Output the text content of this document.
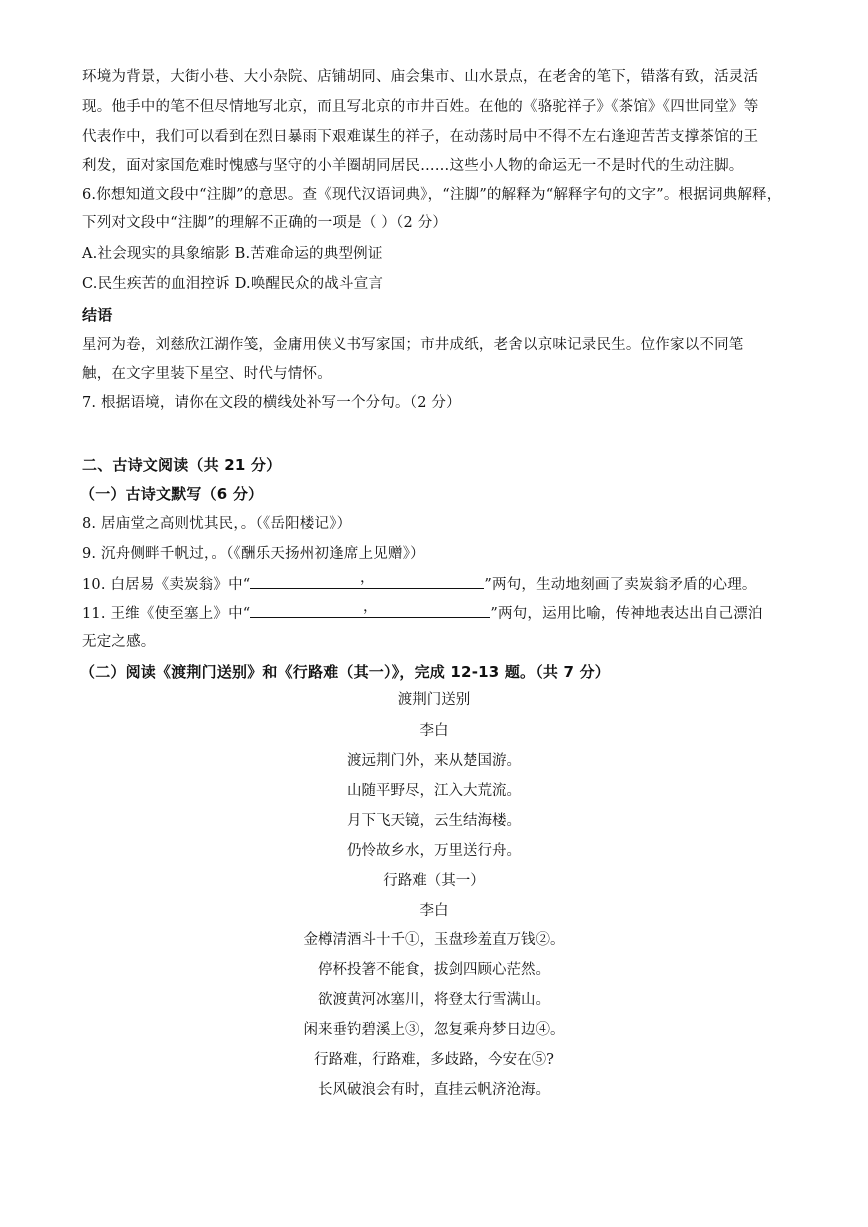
环境为背景，大街小巷、大小杂院、店铺胡同、庙会集市、山水景点，在老舍的笔下，错落有致，活灵活
现。他手中的笔不但尽情地写北京，而且写北京的市井百姓。在他的《骆驼祥子》《茶馆》《四世同堂》等
代表作中，我们可以看到在烈日暴雨下艰难谋生的祥子，在动荡时局中不得不左右逢迎苦苦支撑茶馆的王
利发，面对家国危难时愧感与坚守的小羊圈胡同居民……这些小人物的命运无一不是时代的生动注脚。
6.你想知道文段中“注脚”的意思。查《现代汉语词典》，“注脚”的解释为“解释字句的文字”。根据词典解释，
下列对文段中“注脚”的理解不正确的一项是（ ）（2 分）
A.社会现实的具象缩影 B.苦难命运的典型例证
C.民生疾苦的血泪控诉 D.唤醒民众的战斗宣言
结语
星河为卷，刘慈欣江湖作笺，金庸用侠义书写家国；市井成纸，老舍以京味记录民生。位作家以不同笔
触，在文字里装下星空、时代与情怀。
7. 根据语境，请你在文段的横线处补写一个分句。（2 分）
二、古诗文阅读（共 21 分）
（一）古诗文默写（6 分）
8. 居庙堂之高则忧其民，。（《岳阳楼记》）
9. 沉舟侧畔千帆过，。（《酬乐天扬州初逢席上见赠》）
10. 白居易《卖炭翁》中“	，	”两句，生动地刻画了卖炭翁矛盾的心理。
11. 王维《使至塞上》中“	，	”两句，运用比喻，传神地表达出自己漂泊
无定之感。
（二）阅读《渡荆门送别》和《行路难（其一）》，完成 12-13 题。（共 7 分）
渡荆门送别
李白
渡远荆门外，来从楚国游。
山随平野尽，江入大荒流。
月下飞天镜，云生结海楼。
仍怜故乡水，万里送行舟。
行路难（其一）
李白
金樽清酒斗十千①，玉盘珍羞直万钱②。
停杯投箸不能食，拔剑四顾心茫然。
欲渡黄河冰塞川，将登太行雪满山。
闲来垂钓碧溪上③，忽复乘舟梦日边④。
行路难，行路难，多歧路，今安在⑤?
长风破浪会有时，直挂云帆济沧海。
